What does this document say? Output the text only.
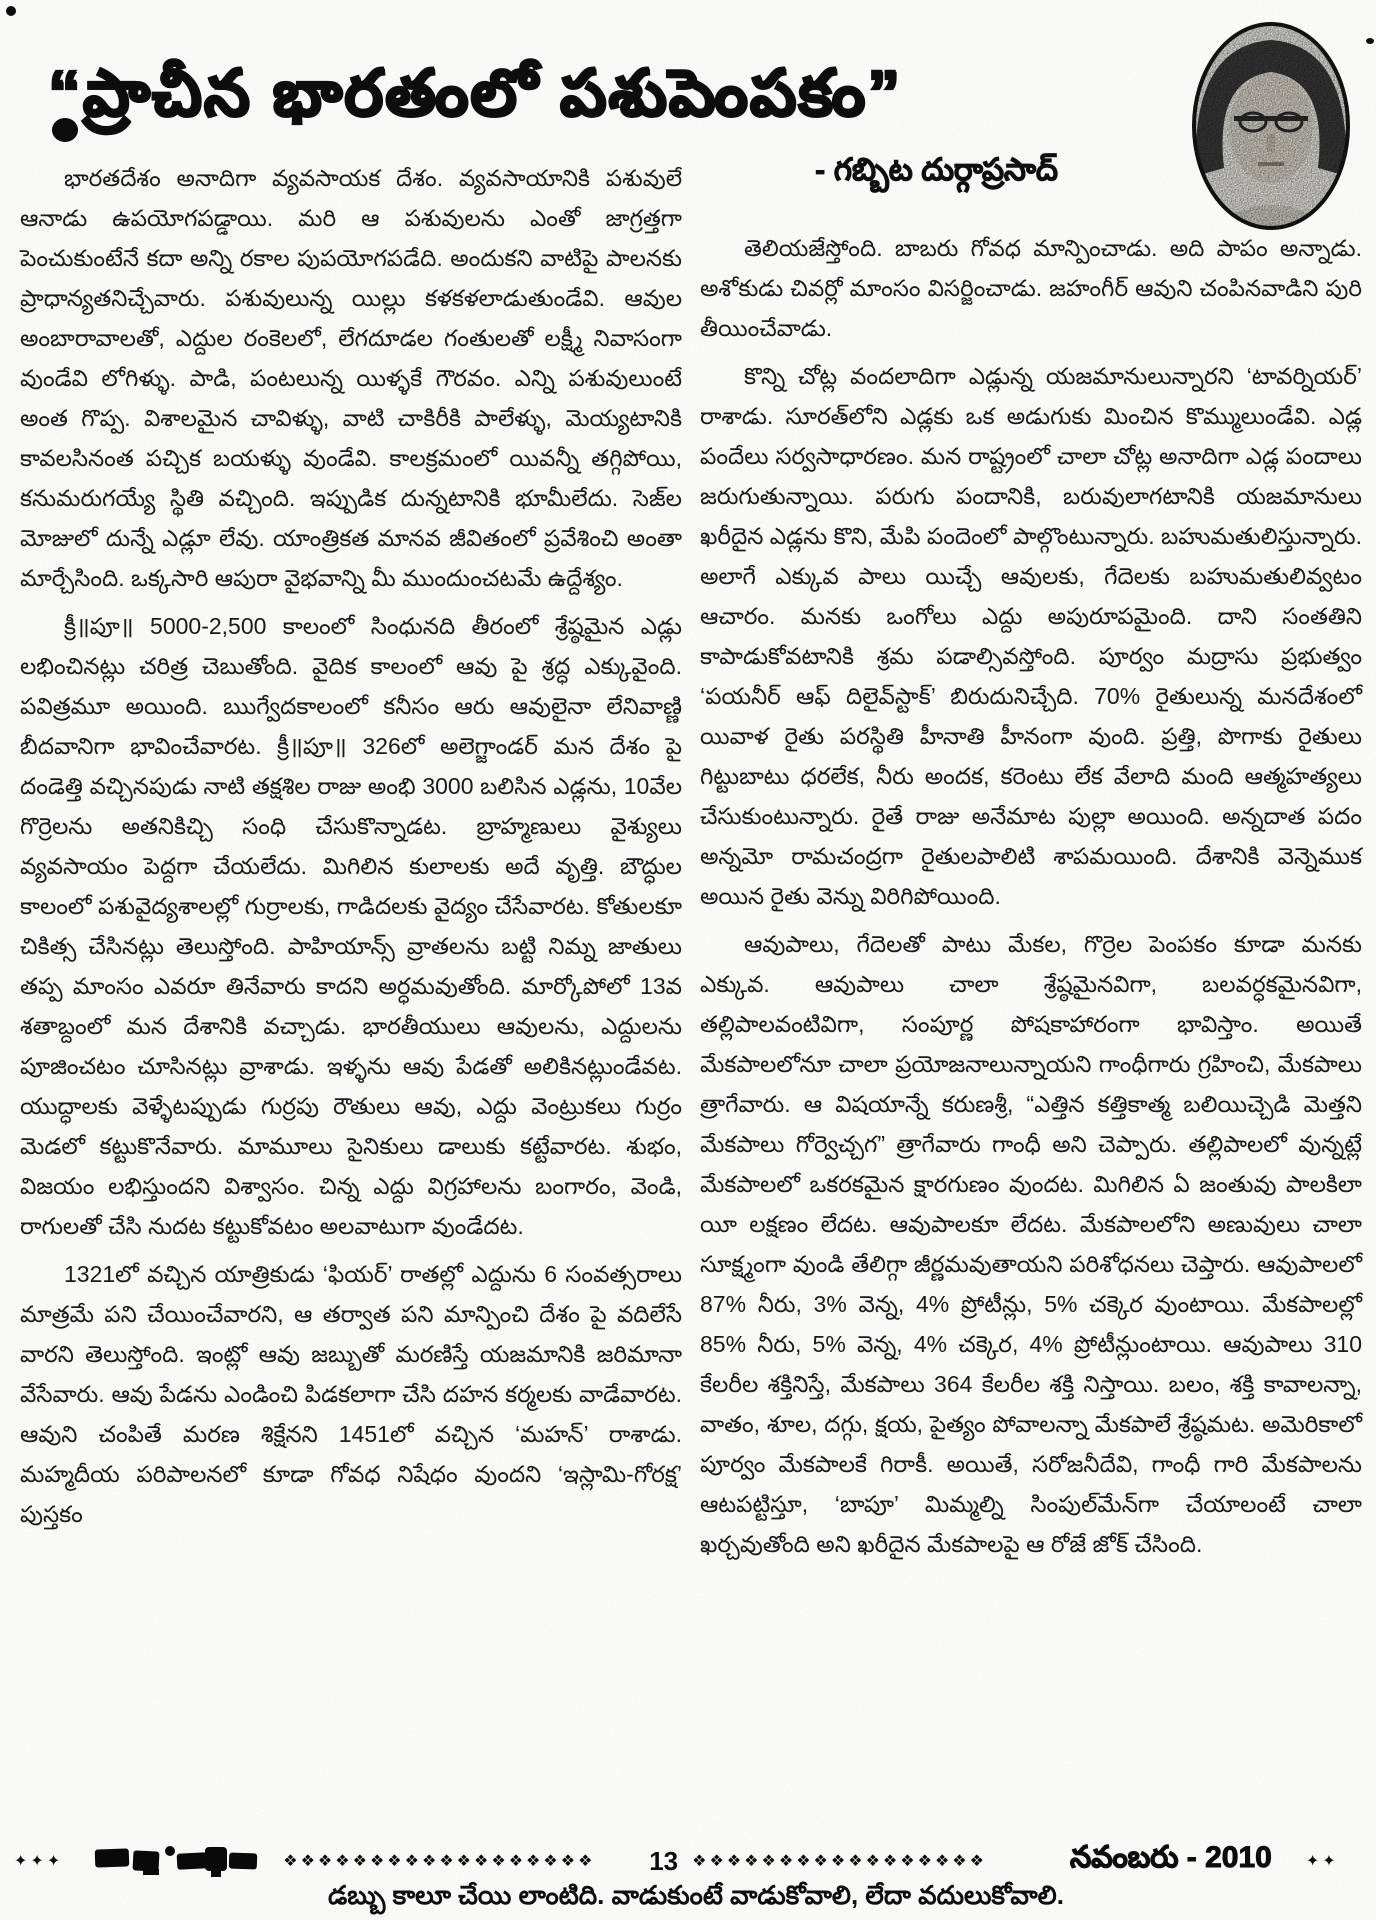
“ప్రాచీన భారతంలో పశుపెంపకం”
- గబ్బిట దుర్గాప్రసాద్

భారతదేశం అనాదిగా వ్యవసాయక దేశం. వ్యవసాయానికి పశువులే ఆనాడు ఉపయోగపడ్డాయి. మరి ఆ పశువులను ఎంతో జాగ్రత్తగా పెంచుకుంటేనే కదా అన్ని రకాల పుపయోగపడేది. అందుకని వాటిపై పాలనకు ప్రాధాన్యతనిచ్చేవారు. పశువులున్న యిల్లు కళకళలాడుతుండేవి. ఆవుల అంబారావాలతో, ఎద్దుల రంకెలలో, లేగదూడల గంతులతో లక్ష్మీ నివాసంగా వుండేవి లోగిళ్ళు. పాడి, పంటలున్న యిళ్ళకే గౌరవం. ఎన్ని పశువులుంటే అంత గొప్ప. విశాలమైన చావిళ్ళు, వాటి చాకిరీకి పాలేళ్ళు, మెయ్యటానికి కావలసినంత పచ్చిక బయళ్ళు వుండేవి. కాలక్రమంలో యివన్నీ తగ్గిపోయి, కనుమరుగయ్యే స్థితి వచ్చింది. ఇప్పుడిక దున్నటానికి భూమీలేదు. సెజ్‌ల మోజులో దున్నే ఎడ్లూ లేవు. యాంత్రికత మానవ జీవితంలో ప్రవేశించి అంతా మార్చేసింది. ఒక్కసారి ఆపురా వైభవాన్ని మీ ముందుంచటమే ఉద్దేశ్యం.

క్రీ॥పూ॥ 5000-2,500 కాలంలో సింధునది తీరంలో శ్రేష్ఠమైన ఎడ్లు లభించినట్లు చరిత్ర చెబుతోంది. వైదిక కాలంలో ఆవు పై శ్రద్ధ ఎక్కువైంది. పవిత్రమూ అయింది. ఋగ్వేదకాలంలో కనీసం ఆరు ఆవులైనా లేనివాణ్ణి బీదవానిగా భావించేవారట. క్రీ॥పూ॥ 326లో అలెగ్జాండర్ మన దేశం పై దండెత్తి వచ్చినపుడు నాటి తక్షశిల రాజు అంభి 3000 బలిసిన ఎడ్లను, 10వేల గొర్రెలను అతనికిచ్చి సంధి చేసుకొన్నాడట. బ్రాహ్మణులు వైశ్యులు వ్యవసాయం పెద్దగా చేయలేదు. మిగిలిన కులాలకు అదే వృత్తి. బౌద్ధుల కాలంలో పశువైద్యశాలల్లో గుర్రాలకు, గాడిదలకు వైద్యం చేసేవారట. కోతులకూ చికిత్స చేసినట్లు తెలుస్తోంది. పాహియాన్స్ వ్రాతలను బట్టి నిమ్న జాతులు తప్ప మాంసం ఎవరూ తినేవారు కాదని అర్ధమవుతోంది. మార్కోపోలో 13వ శతాబ్దంలో మన దేశానికి వచ్చాడు. భారతీయులు ఆవులను, ఎద్దులను పూజించటం చూసినట్లు వ్రాశాడు. ఇళ్ళను ఆవు పేడతో అలికినట్లుండేవట. యుద్ధాలకు వెళ్ళేటప్పుడు గుర్రపు రౌతులు ఆవు, ఎద్దు వెంట్రుకలు గుర్రం మెడలో కట్టుకొనేవారు. మామూలు సైనికులు డాలుకు కట్టేవారట. శుభం, విజయం లభిస్తుందని విశ్వాసం. చిన్న ఎద్దు విగ్రహాలను బంగారం, వెండి, రాగులతో చేసి నుదట కట్టుకోవటం అలవాటుగా వుండేదట.

1321లో వచ్చిన యాత్రికుడు ‘ఫియర్’ రాతల్లో ఎద్దును 6 సంవత్సరాలు మాత్రమే పని చేయించేవారని, ఆ తర్వాత పని మాన్పించి దేశం పై వదిలేసే వారని తెలుస్తోంది. ఇంట్లో ఆవు జబ్బుతో మరణిస్తే యజమానికి జరిమానా వేసేవారు. ఆవు పేడను ఎండించి పిడకలాగా చేసి దహన కర్మలకు వాడేవారట. ఆవుని చంపితే మరణ శిక్షేనని 1451లో వచ్చిన ‘మహన్’ రాశాడు. మహ్మదీయ పరిపాలనలో కూడా గోవధ నిషేధం వుందని ‘ఇస్లామి-గోరక్ష’ పుస్తకం

తెలియజేస్తోంది. బాబరు గోవధ మాన్పించాడు. అది పాపం అన్నాడు. అశోకుడు చివర్లో మాంసం విసర్జించాడు. జహంగీర్ ఆవుని చంపినవాడిని పురి తీయించేవాడు.

కొన్ని చోట్ల వందలాదిగా ఎడ్లున్న యజమానులున్నారని ‘టావర్నియర్’ రాశాడు. సూరత్‌లోని ఎడ్లకు ఒక అడుగుకు మించిన కొమ్ములుండేవి. ఎడ్ల పందేలు సర్వసాధారణం. మన రాష్ట్రంలో చాలా చోట్ల అనాదిగా ఎడ్ల పందాలు జరుగుతున్నాయి. పరుగు పందానికి, బరువులాగటానికి యజమానులు ఖరీదైన ఎడ్లను కొని, మేపి పందెంలో పాల్గొంటున్నారు. బహుమతులిస్తున్నారు. అలాగే ఎక్కువ పాలు యిచ్చే ఆవులకు, గేదెలకు బహుమతులివ్వటం ఆచారం. మనకు ఒంగోలు ఎద్దు అపురూపమైంది. దాని సంతతిని కాపాడుకోవటానికి శ్రమ పడాల్సివస్తోంది. పూర్వం మద్రాసు ప్రభుత్వం ‘పయనీర్ ఆఫ్ దిలైవ్‌స్టాక్’ బిరుదునిచ్చేది. 70% రైతులున్న మనదేశంలో యివాళ రైతు పరస్థితి హీనాతి హీనంగా వుంది. ప్రత్తి, పొగాకు రైతులు గిట్టుబాటు ధరలేక, నీరు అందక, కరెంటు లేక వేలాది మంది ఆత్మహత్యలు చేసుకుంటున్నారు. రైతే రాజు అనేమాట పుల్లా అయింది. అన్నదాత పదం అన్నమో రామచంద్రగా రైతులపాలిటి శాపమయింది. దేశానికి వెన్నెముక అయిన రైతు వెన్ను విరిగిపోయింది.

ఆవుపాలు, గేదెలతో పాటు మేకల, గొర్రెల పెంపకం కూడా మనకు ఎక్కువ. ఆవుపాలు చాలా శ్రేష్ఠమైనవిగా, బలవర్ధకమైనవిగా, తల్లిపాలవంటివిగా, సంపూర్ణ పోషకాహారంగా భావిస్తాం. అయితే మేకపాలలోనూ చాలా ప్రయోజనాలున్నాయని గాంధీగారు గ్రహించి, మేకపాలు త్రాగేవారు. ఆ విషయాన్నే కరుణశ్రీ, “ఎత్తిన కత్తికాత్మ బలియిచ్చెడి మెత్తని మేకపాలు గోర్వెచ్చగ” త్రాగేవారు గాంధీ అని చెప్పారు. తల్లిపాలలో వున్నట్లే మేకపాలలో ఒకరకమైన క్షారగుణం వుందట. మిగిలిన ఏ జంతువు పాలకిలా యీ లక్షణం లేదట. ఆవుపాలకూ లేదట. మేకపాలలోని అణువులు చాలా సూక్ష్మంగా వుండి తేలిగ్గా జీర్ణమవుతాయని పరిశోధనలు చెప్తారు. ఆవుపాలలో 87% నీరు, 3% వెన్న, 4% ప్రోటీన్లు, 5% చక్కెర వుంటాయి. మేకపాలల్లో 85% నీరు, 5% వెన్న, 4% చక్కెర, 4% ప్రోటీన్లుంటాయి. ఆవుపాలు 310 కేలరీల శక్తినిస్తే, మేకపాలు 364 కేలరీల శక్తి నిస్తాయి. బలం, శక్తి కావాలన్నా, వాతం, శూల, దగ్గు, క్షయ, పైత్యం పోవాలన్నా మేకపాలే శ్రేష్ఠమట. అమెరికాలో పూర్వం మేకపాలకే గిరాకీ. అయితే, సరోజనీదేవి, గాంధీ గారి మేకపాలను ఆటపట్టిస్తూ, ‘బాపూ’ మిమ్మల్ని సింపుల్‌మేన్‌గా చేయాలంటే చాలా ఖర్చవుతోంది అని ఖరీదైన మేకపాలపై ఆ రోజే జోక్ చేసింది.

✦✦✦	❖❖❖❖❖❖❖❖❖❖❖❖❖❖❖❖❖❖	13 ❖❖❖❖❖❖❖❖❖❖❖❖❖❖❖❖❖	నవంబరు - 2010 ✦✦
డబ్బు కాలూ చేయి లాంటిది. వాడుకుంటే వాడుకోవాలి, లేదా వదులుకోవాలి.
